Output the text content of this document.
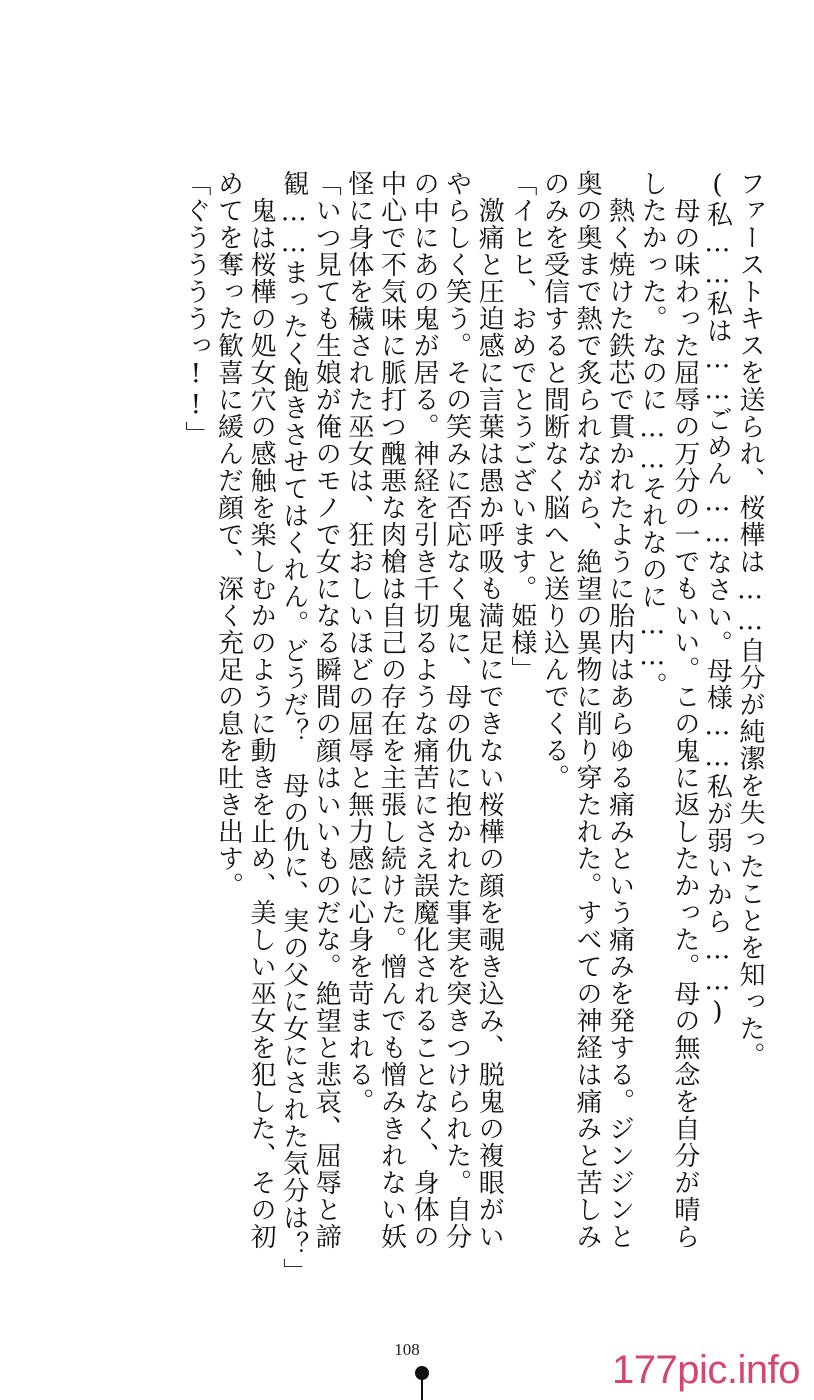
ファーストキスを送られ、桜樺は……自分が純潔を失ったことを知った。

(私……私は……ごめん……なさい。母様……私が弱いから……)

　母の味わった屈辱の万分の一でもいい。この鬼に返したかった。母の無念を自分が晴ら

したかった。なのに……それなのに……。

　熱く焼けた鉄芯で貫かれたように胎内はあらゆる痛みという痛みを発する。ジンジンと

奥の奥まで熱で炙られながら、絶望の異物に削り穿たれた。すべての神経は痛みと苦しみ

のみを受信すると間断なく脳へと送り込んでくる。

「イヒヒ、おめでとうございます。姫様」

　激痛と圧迫感に言葉は愚か呼吸も満足にできない桜樺の顔を覗き込み、脱鬼の複眼がい

やらしく笑う。その笑みに否応なく鬼に、母の仇に抱かれた事実を突きつけられた。自分

の中にあの鬼が居る。神経を引き千切るような痛苦にさえ誤魔化されることなく、身体の

中心で不気味に脈打つ醜悪な肉槍は自己の存在を主張し続けた。憎んでも憎みきれない妖

怪に身体を穢された巫女は、狂おしいほどの屈辱と無力感に心身を苛まれる。

「いつ見ても生娘が俺のモノで女になる瞬間の顔はいいものだな。絶望と悲哀、屈辱と諦

観……まったく飽きさせてはくれん。どうだ？　母の仇に、実の父に女にされた気分は？」

　鬼は桜樺の処女穴の感触を楽しむかのように動きを止め、美しい巫女を犯した、その初

めてを奪った歓喜に緩んだ顔で、深く充足の息を吐き出す。

「ぐううううっ!!」

108	177pic.info
